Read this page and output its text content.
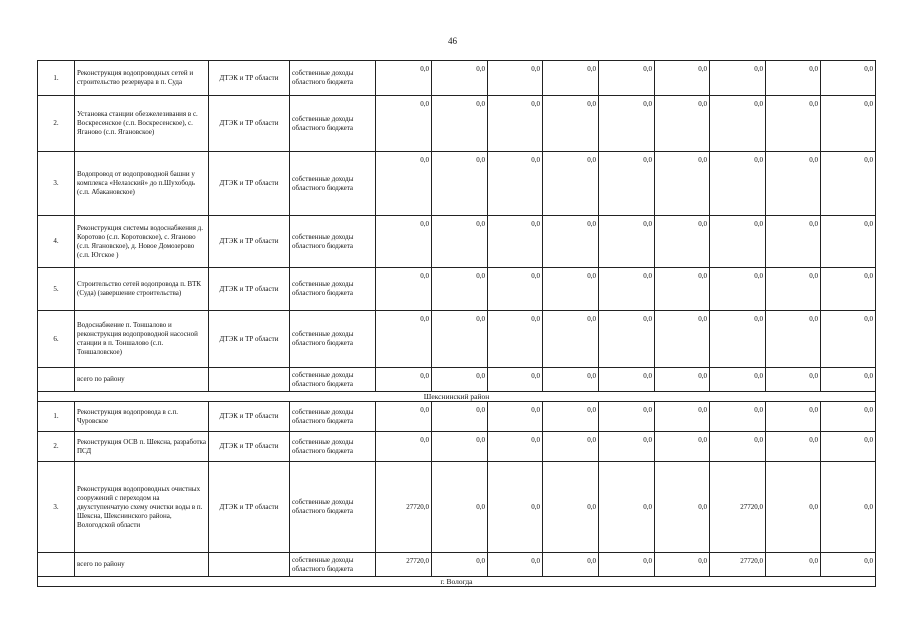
46
1.	Реконструкция водопроводных сетей и строительство резервуара в п. Суда	ДТЭК и ТР области	собственные доходы областного бюджета	0,0	0,0	0,0	0,0	0,0	0,0	0,0	0,0	0,0
2.	Установка станции обезжелезивания в с. Воскресенское (с.п. Воскресенское), с. Ягановo (с.п. Ягановское)	ДТЭК и ТР области	собственные доходы областного бюджета	0,0	0,0	0,0	0,0	0,0	0,0	0,0	0,0	0,0
3.	Водопровод от водопроводной башни у комплекса «Нелазский» до п.Шухободь (с.п. Абакановское)	ДТЭК и ТР области	собственные доходы областного бюджета	0,0	0,0	0,0	0,0	0,0	0,0	0,0	0,0	0,0
4.	Реконструкция системы водоснабжения д. Коротово (с.п. Коротовское), с. Ягановo (с.п. Ягановское), д. Новое Домозерово (с.п. Югское )	ДТЭК и ТР области	собственные доходы областного бюджета	0,0	0,0	0,0	0,0	0,0	0,0	0,0	0,0	0,0
5.	Строительство сетей водопровода п. ВТК (Суда) (завершение строительства)	ДТЭК и ТР области	собственные доходы областного бюджета	0,0	0,0	0,0	0,0	0,0	0,0	0,0	0,0	0,0
6.	Водоснабжение п. Тоншалово и реконструкция водопроводной насосной станции в п. Тоншалово (с.п. Тоншаловское)	ДТЭК и ТР области	собственные доходы областного бюджета	0,0	0,0	0,0	0,0	0,0	0,0	0,0	0,0	0,0
	всего по району		собственные доходы областного бюджета	0,0	0,0	0,0	0,0	0,0	0,0	0,0	0,0	0,0
Шекснинский район												
1.	Реконструкция водопровода в с.п. Чуровское	ДТЭК и ТР области	собственные доходы областного бюджета	0,0	0,0	0,0	0,0	0,0	0,0	0,0	0,0	0,0
2.	Реконструкция ОСВ п. Шексна, разработка ПСД	ДТЭК и ТР области	собственные доходы областного бюджета	0,0	0,0	0,0	0,0	0,0	0,0	0,0	0,0	0,0
3.	Реконструкция водопроводных очистных сооружений с переходом на двухступенчатую схему очистки воды в п. Шексна, Шекснинского района, Вологодской области	ДТЭК и ТР области	собственные доходы областного бюджета	27720,0	0,0	0,0	0,0	0,0	0,0	27720,0	0,0	0,0
	всего по району		собственные доходы областного бюджета	27720,0	0,0	0,0	0,0	0,0	0,0	27720,0	0,0	0,0
г. Вологда												
